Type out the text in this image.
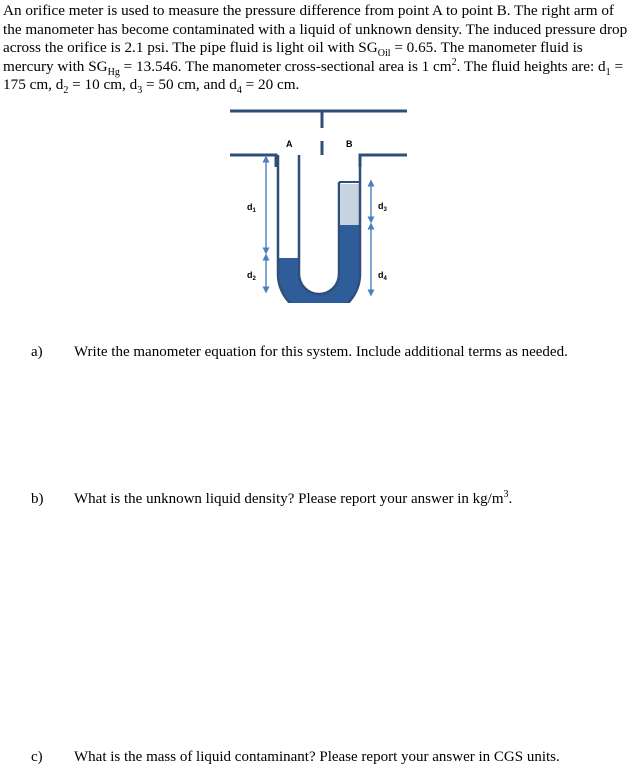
An orifice meter is used to measure the pressure difference from point A to point B. The right arm of the manometer has become contaminated with a liquid of unknown density. The induced pressure drop across the orifice is 2.1 psi. The pipe fluid is light oil with $SG_{Oil} = 0.65$. The manometer fluid is mercury with $SG_{Hg} = 13.546$. The manometer cross-sectional area is 1 $cm^2$. The fluid heights are: $d_1 = 175$ cm, $d_2 = 10$ cm, $d_3 = 50$ cm, and $d_4 = 20$ cm.
A	B
$d_1$
$d_2$
$d_3$
$d_4$
a) Write the manometer equation for this system. Include additional terms as needed.
b) What is the unknown liquid density? Please report your answer in $kg/m^3$.
c) What is the mass of liquid contaminant? Please report your answer in CGS units.
